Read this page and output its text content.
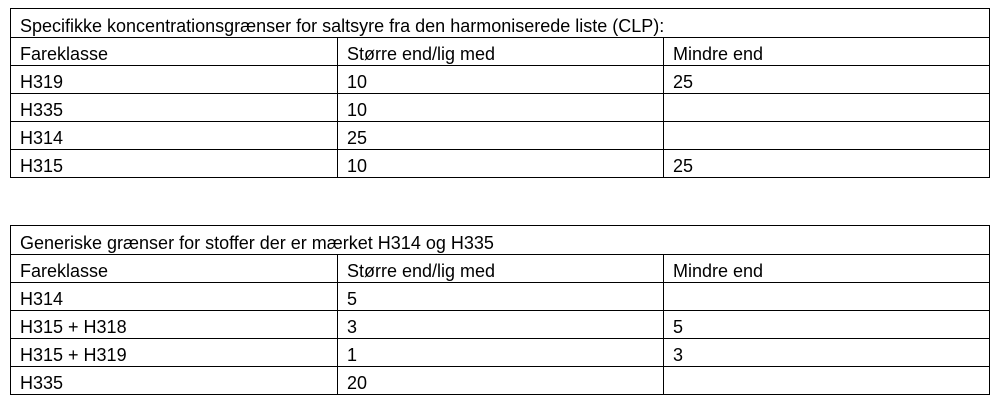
Specifikke koncentrationsgrænser for saltsyre fra den harmoniserede liste (CLP):		
Fareklasse	Større end/lig med	Mindre end
H319	10	25
H335	10	
H314	25	
H315	10	25
Generiske grænser for stoffer der er mærket H314 og H335		
Fareklasse	Større end/lig med	Mindre end
H314	5	
H315 + H318	3	5
H315 + H319	1	3
H335	20	
